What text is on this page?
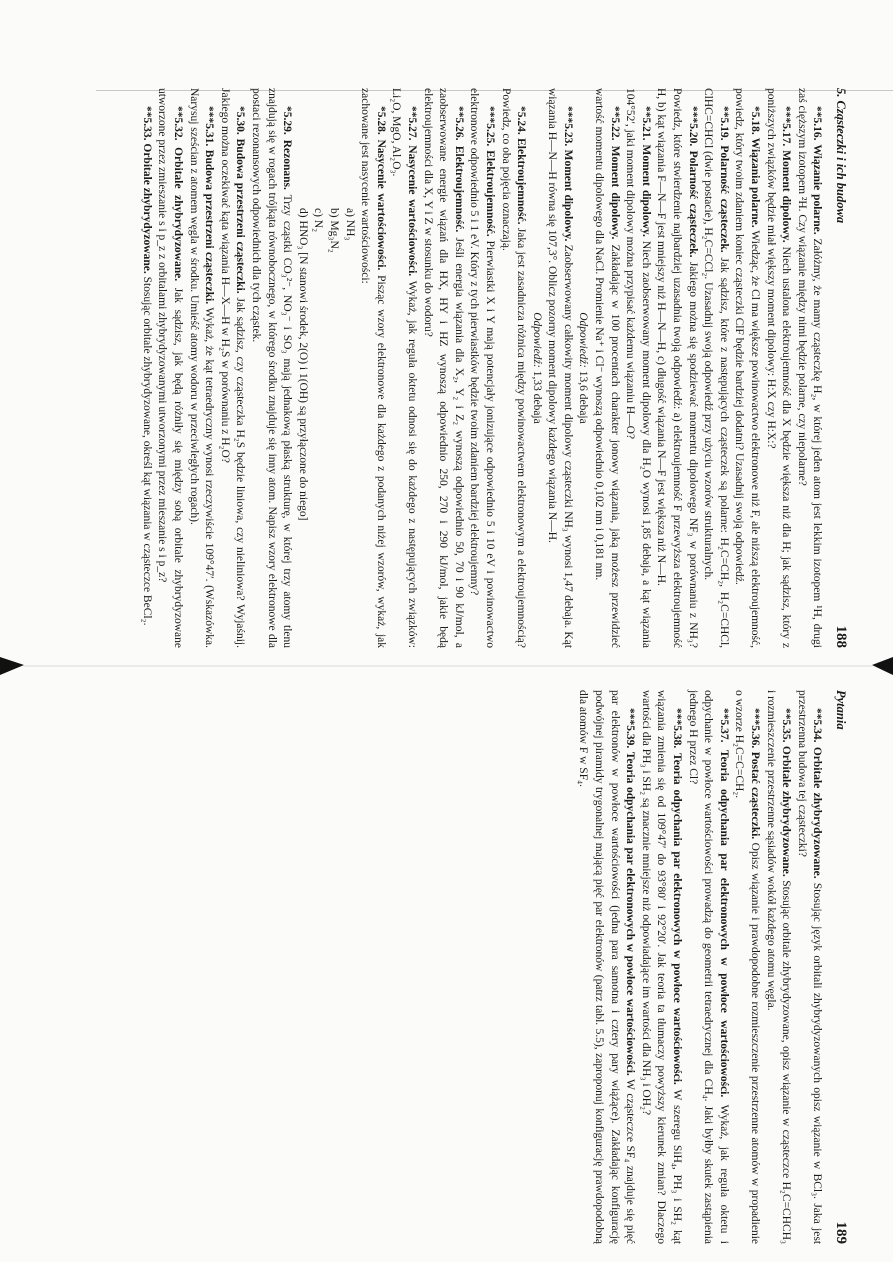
5. Cząsteczki i ich budowa
188

**5.16. Wiązanie polarne. Załóżmy, że mamy cząsteczkę H₂, w której jeden atom jest lekkim izotopem ¹H, drugi zaś cięższym izotopem ²H. Czy wiązanie między nimi będzie polarne, czy niepolarne?

***5.17. Moment dipolowy. Niech ustalona elektroujemność dla X będzie większa niż dla H; jak sądzisz, który z poniższych związków będzie miał większy moment dipolowy: H:X czy H:X:?

*5.18. Wiązania polarne. Wiedząc, że Cl ma większe powinowactwo elektronowe niż F, ale niższą elektroujemność, powiedz, który twoim zdaniem koniec cząsteczki ClF będzie bardziej dodatni? Uzasadnij swoją odpowiedź.

**5.19. Polarność cząsteczek. Jak sądzisz, które z następujących cząsteczek są polarne: H₂C=CH₂, H₂C=CHCl, ClHC=CHCl (dwie postacie), H₂C=CCl₂. Uzasadnij swoją odpowiedź przy użyciu wzorów strukturalnych.

***5.20. Polarność cząsteczek. Jakiego można się spodziewać momentu dipolowego NF₃ w porównaniu z NH₃? Powiedz, które stwierdzenie najbardziej uzasadnia twoją odpowiedź: a) elektroujemność F przewyższa elektroujemność H, b) kąt wiązania F—N—F jest mniejszy niż H—N—H, c) długość wiązania N—F jest większa niż N—H.

**5.21. Moment dipolowy. Niech zaobserwowany moment dipolowy dla H₂O wynosi 1,85 debaja, a kąt wiązania 104°52′, jaki moment dipolowy można przypisać każdemu wiązaniu H—O?

**5.22. Moment dipolowy. Zakładając w 100 procentach charakter jonowy wiązania, jaką możesz przewidzieć wartość momentu dipolowego dla NaCl. Promienie Na⁺ i Cl⁻ wynoszą odpowiednio 0,102 nm i 0,181 nm.

Odpowiedź: 13,6 debaja

***5.23. Moment dipolowy. Zaobserwowany całkowity moment dipolowy cząsteczki NH₃ wynosi 1,47 debaja. Kąt wiązania H—N—H równa się 107,3°. Oblicz pozorny moment dipolowy każdego wiązania N—H.

Odpowiedź: 1,33 debaja

*5.24. Elektroujemność. Jaka jest zasadnicza różnica między powinowactwem elektronowym a elektroujemnością? Powiedz, co oba pojęcia oznaczają.

***5.25. Elektroujemność. Pierwiastki X i Y mają potencjały jonizujące odpowiednio 5 i 10 eV i powinowactwo elektronowe odpowiednio 5 i 1 eV. Który z tych pierwiastków będzie twoim zdaniem bardziej elektroujemny?

**5.26. Elektroujemność. Jeśli energia wiązania dla X₂, Y₂ i Z₂ wynoszą odpowiednio 50, 70 i 90 kJ/mol, a zaobserwowane energie wiązań dla HX, HY i HZ wynoszą odpowiednio 250, 270 i 290 kJ/mol, jakie będą elektroujemności dla X, Y i Z w stosunku do wodoru?

**5.27. Nasycenie wartościowości. Wykaż, jak reguła oktetu odnosi się do każdego z następujących związków: Li₂O, MgO, Al₂O₃.

*5.28. Nasycenie wartościowości. Pisząc wzory elektronowe dla każdego z podanych niżej wzorów, wykaż, jak zachowane jest nasycenie wartościowości:

a) NH₃
b) Mg₃N₂
c) N₂
d) HNO₃ [N stanowi środek, 2(O) i 1(OH) są przyłączone do niego]

*5.29. Rezonans. Trzy cząstki CO₃²⁻, NO₃⁻ i SO₃ mają jednakową płaską strukturę, w której trzy atomy tlenu znajdują się w rogach trójkąta równobocznego, w którego środku znajduje się inny atom. Napisz wzory elektronowe dla postaci rezonansowych odpowiednich dla tych cząstek.

*5.30. Budowa przestrzeni cząsteczki. Jak sądzisz, czy cząsteczka H₂S będzie liniowa, czy nieliniowa? Wyjaśnij. Jakiego można oczekiwać kąta wiązania H—X—H w H₂S w porównaniu z H₂O?

***5.31. Budowa przestrzeni cząsteczki. Wykaż, że kąt tetraedryczny wynosi rzeczywiście 109°47′. (Wskazówka. Narysuj sześcian z atomem węgla w środku. Umieść atomy wodoru w przeciwległych rogach).

**5.32. Orbitale zhybrydyzowane. Jak sądzisz, jak będą różniły się między sobą orbitale zhybrydyzowane utworzone przez zmieszanie s i p_z z orbitalami zhybrydyzowanymi utworzonymi przez mieszanie s i p_z?

**5.33. Orbitale zhybrydyzowane. Stosując orbitale zhybrydyzowane, określ kąt wiązania w cząsteczce BeCl₂.

Pytania
189

**5.34. Orbitale zhybrydyzowane. Stosując język orbitali zhybrydyzowanych opisz wiązanie w BCl₃. Jaka jest przestrzenna budowa tej cząsteczki?

**5.35. Orbitale zhybrydyzowane. Stosując orbitale zhybrydyzowane, opisz wiązanie w cząsteczce H₂C=CHCH₃ i rozmieszczenie przestrzenne sąsiadów wokół każdego atomu węgla.

***5.36. Postać cząsteczki. Opisz wiązanie i prawdopodobne rozmieszczenie przestrzenne atomów w propadienie o wzorze H₂C=C=CH₂.

**5.37. Teoria odpychania par elektronowych w powłoce wartościowości. Wykaż, jak reguła oktetu i odpychanie w powłoce wartościowości prowadzą do geometrii tetraedrycznej dla CH₄. Jaki byłby skutek zastąpienia jednego H przez Cl?

***5.38. Teoria odpychania par elektronowych w powłoce wartościowości. W szeregu SiH₄, PH₃ i SH₂ kąt wiązania zmienia się od 109°47′ do 93°80′ i 92°20′. Jak teoria ta tłumaczy powyższy kierunek zmian? Dlaczego wartości dla PH₃ i SH₂ są znacznie mniejsze niż odpowiadające im wartości dla NH₃ i OH₂?

***5.39. Teoria odpychania par elektronowych w powłoce wartościowości. W cząsteczce SF₄ znajduje się pięć par elektronów w powłoce wartościowości (jedna para samotna i cztery pary wiążące). Zakładając konfigurację podwójnej piramidy trygonalnej mającą pięć par elektronów (patrz tabl. 5.5), zaproponuj konfigurację prawdopodobną dla atomów F w SF₄.
